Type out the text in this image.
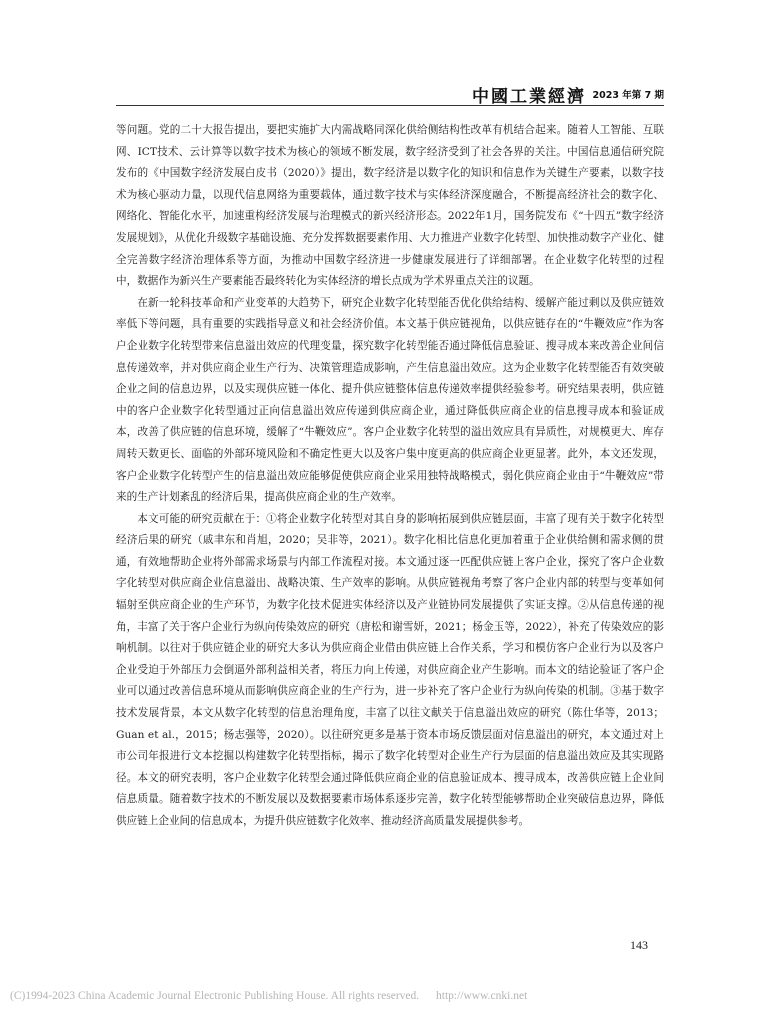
中國工業經濟 2023 年第 7 期

等问题。党的二十大报告提出，要把实施扩大内需战略同深化供给侧结构性改革有机结合起来。随着人工智能、互联网、ICT技术、云计算等以数字技术为核心的领域不断发展，数字经济受到了社会各界的关注。中国信息通信研究院发布的《中国数字经济发展白皮书（2020）》提出，数字经济是以数字化的知识和信息作为关键生产要素，以数字技术为核心驱动力量，以现代信息网络为重要载体，通过数字技术与实体经济深度融合，不断提高经济社会的数字化、网络化、智能化水平，加速重构经济发展与治理模式的新兴经济形态。2022年1月，国务院发布《“十四五”数字经济发展规划》，从优化升级数字基础设施、充分发挥数据要素作用、大力推进产业数字化转型、加快推动数字产业化、健全完善数字经济治理体系等方面，为推动中国数字经济进一步健康发展进行了详细部署。在企业数字化转型的过程中，数据作为新兴生产要素能否最终转化为实体经济的增长点成为学术界重点关注的议题。

在新一轮科技革命和产业变革的大趋势下，研究企业数字化转型能否优化供给结构、缓解产能过剩以及供应链效率低下等问题，具有重要的实践指导意义和社会经济价值。本文基于供应链视角，以供应链存在的“牛鞭效应”作为客户企业数字化转型带来信息溢出效应的代理变量，探究数字化转型能否通过降低信息验证、搜寻成本来改善企业间信息传递效率，并对供应商企业生产行为、决策管理造成影响，产生信息溢出效应。这为企业数字化转型能否有效突破企业之间的信息边界，以及实现供应链一体化、提升供应链整体信息传递效率提供经验参考。研究结果表明，供应链中的客户企业数字化转型通过正向信息溢出效应传递到供应商企业，通过降低供应商企业的信息搜寻成本和验证成本，改善了供应链的信息环境，缓解了“牛鞭效应”。客户企业数字化转型的溢出效应具有异质性，对规模更大、库存周转天数更长、面临的外部环境风险和不确定性更大以及客户集中度更高的供应商企业更显著。此外，本文还发现，客户企业数字化转型产生的信息溢出效应能够促使供应商企业采用独特战略模式，弱化供应商企业由于“牛鞭效应”带来的生产计划紊乱的经济后果，提高供应商企业的生产效率。

本文可能的研究贡献在于：①将企业数字化转型对其自身的影响拓展到供应链层面，丰富了现有关于数字化转型经济后果的研究（戚聿东和肖旭，2020；吴非等，2021）。数字化相比信息化更加着重于企业供给侧和需求侧的贯通，有效地帮助企业将外部需求场景与内部工作流程对接。本文通过逐一匹配供应链上客户企业，探究了客户企业数字化转型对供应商企业信息溢出、战略决策、生产效率的影响。从供应链视角考察了客户企业内部的转型与变革如何辐射至供应商企业的生产环节，为数字化技术促进实体经济以及产业链协同发展提供了实证支撑。②从信息传递的视角，丰富了关于客户企业行为纵向传染效应的研究（唐松和谢雪妍，2021；杨金玉等，2022），补充了传染效应的影响机制。以往对于供应链企业的研究大多认为供应商企业借由供应链上合作关系，学习和模仿客户企业行为以及客户企业受迫于外部压力会倒逼外部利益相关者，将压力向上传递，对供应商企业产生影响。而本文的结论验证了客户企业可以通过改善信息环境从而影响供应商企业的生产行为，进一步补充了客户企业行为纵向传染的机制。③基于数字技术发展背景，本文从数字化转型的信息治理角度，丰富了以往文献关于信息溢出效应的研究（陈仕华等，2013；Guan et al.，2015；杨志强等，2020）。以往研究更多是基于资本市场反馈层面对信息溢出的研究，本文通过对上市公司年报进行文本挖掘以构建数字化转型指标，揭示了数字化转型对企业生产行为层面的信息溢出效应及其实现路径。本文的研究表明，客户企业数字化转型会通过降低供应商企业的信息验证成本、搜寻成本，改善供应链上企业间信息质量。随着数字技术的不断发展以及数据要素市场体系逐步完善，数字化转型能够帮助企业突破信息边界，降低供应链上企业间的信息成本，为提升供应链数字化效率、推动经济高质量发展提供参考。

143
(C)1994-2023 China Academic Journal Electronic Publishing House. All rights reserved. http://www.cnki.net
